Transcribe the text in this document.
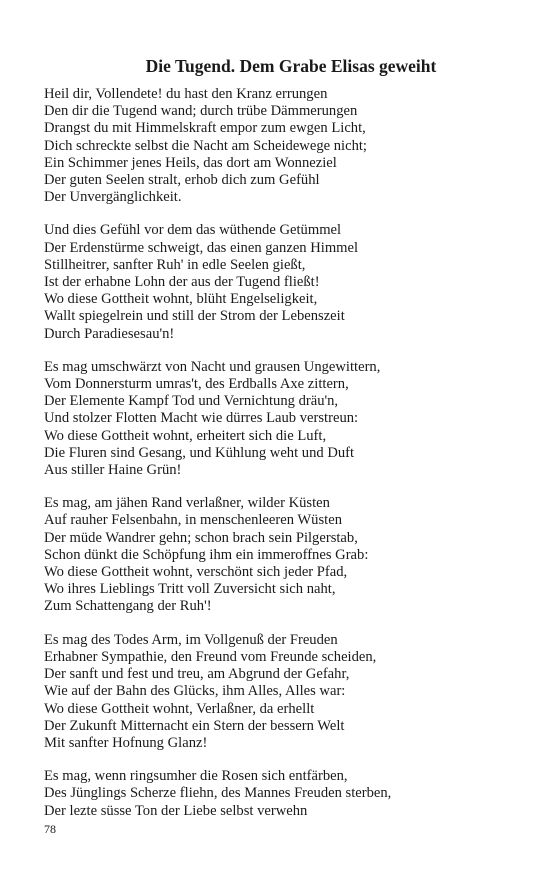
Die Tugend. Dem Grabe Elisas geweiht
Heil dir, Vollendete! du hast den Kranz errungen
Den dir die Tugend wand; durch trübe Dämmerungen
Drangst du mit Himmelskraft empor zum ewgen Licht,
Dich schreckte selbst die Nacht am Scheidewege nicht;
Ein Schimmer jenes Heils, das dort am Wonneziel
Der guten Seelen stralt, erhob dich zum Gefühl
Der Unvergänglichkeit.
Und dies Gefühl vor dem das wüthende Getümmel
Der Erdenstürme schweigt, das einen ganzen Himmel
Stillheitrer, sanfter Ruh' in edle Seelen gießt,
Ist der erhabne Lohn der aus der Tugend fließt!
Wo diese Gottheit wohnt, blüht Engelseligkeit,
Wallt spiegelrein und still der Strom der Lebenszeit
Durch Paradiesesau'n!
Es mag umschwärzt von Nacht und grausen Ungewittern,
Vom Donnersturm umras't, des Erdballs Axe zittern,
Der Elemente Kampf Tod und Vernichtung dräu'n,
Und stolzer Flotten Macht wie dürres Laub verstreun:
Wo diese Gottheit wohnt, erheitert sich die Luft,
Die Fluren sind Gesang, und Kühlung weht und Duft
Aus stiller Haine Grün!
Es mag, am jähen Rand verlaßner, wilder Küsten
Auf rauher Felsenbahn, in menschenleeren Wüsten
Der müde Wandrer gehn; schon brach sein Pilgerstab,
Schon dünkt die Schöpfung ihm ein immeroffnes Grab:
Wo diese Gottheit wohnt, verschönt sich jeder Pfad,
Wo ihres Lieblings Tritt voll Zuversicht sich naht,
Zum Schattengang der Ruh'!
Es mag des Todes Arm, im Vollgenuß der Freuden
Erhabner Sympathie, den Freund vom Freunde scheiden,
Der sanft und fest und treu, am Abgrund der Gefahr,
Wie auf der Bahn des Glücks, ihm Alles, Alles war:
Wo diese Gottheit wohnt, Verlaßner, da erhellt
Der Zukunft Mitternacht ein Stern der bessern Welt
Mit sanfter Hofnung Glanz!
Es mag, wenn ringsumher die Rosen sich entfärben,
Des Jünglings Scherze fliehn, des Mannes Freuden sterben,
Der lezte süsse Ton der Liebe selbst verwehn
78
